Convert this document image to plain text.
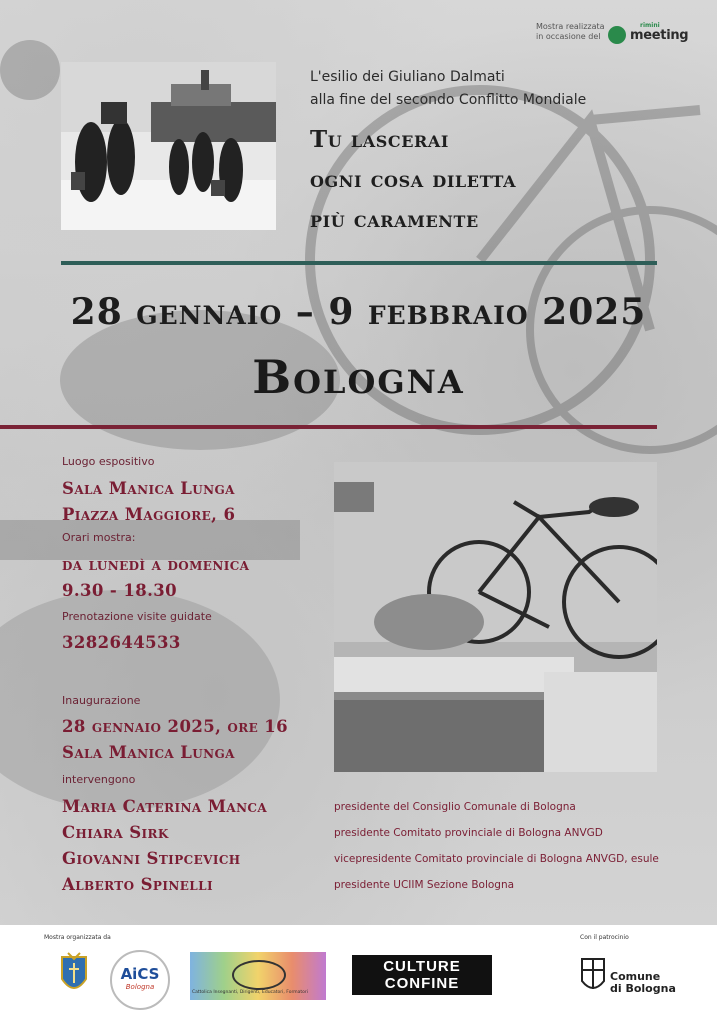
Mostra realizzata
in occasione del
rimini
meeting
L'esilio dei Giuliano Dalmati
alla fine del secondo Conflitto Mondiale
Tu lascerai
ogni cosa diletta
più caramente
28 gennaio – 9 febbraio 2025
Bologna
Luogo espositivo
Sala Manica Lunga
Piazza Maggiore, 6
Orari mostra:
da lunedì a domenica
9.30 - 18.30
Prenotazione visite guidate
3282644533
Inaugurazione
28 gennaio 2025, ore 16
Sala Manica Lunga
intervengono
Maria Caterina Manca
Chiara Sirk
Giovanni Stipcevich
Alberto Spinelli
presidente del Consiglio Comunale di Bologna
presidente Comitato provinciale di Bologna ANVGD
vicepresidente Comitato provinciale di Bologna ANVGD, esule
presidente UCIIM Sezione Bologna
Mostra organizzata da	Con il patrocinio
AiCS
Bologna
Cattolica Insegnanti, Dirigenti, Educatori, Formatori
CULTURE
CONFINE	Comune
di Bologna
